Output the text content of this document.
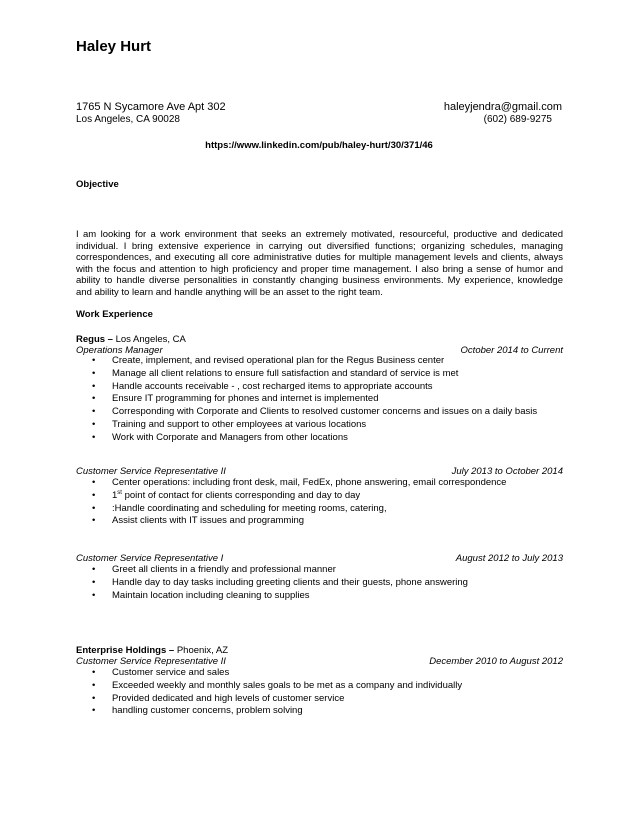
Haley Hurt
1765 N Sycamore Ave Apt 302	haleyjendra@gmail.com
Los Angeles, CA 90028	(602) 689-9275
https://www.linkedin.com/pub/haley-hurt/30/371/46
Objective
I am looking for a work environment that seeks an extremely motivated, resourceful, productive and dedicated individual. I bring extensive experience in carrying out diversified functions; organizing schedules, managing correspondences, and executing all core administrative duties for multiple management levels and clients, always with the focus and attention to high proficiency and proper time management. I also bring a sense of humor and ability to handle diverse personalities in constantly changing business environments. My experience, knowledge and ability to learn and handle anything will be an asset to the right team.
Work Experience
Regus – Los Angeles, CA
Operations Manager	October 2014 to Current
• Create, implement, and revised operational plan for the Regus Business center
• Manage all client relations to ensure full satisfaction and standard of service is met
• Handle accounts receivable - , cost recharged items to appropriate accounts
• Ensure IT programming for phones and internet is implemented
• Corresponding with Corporate and Clients to resolved customer concerns and issues on a daily basis
• Training and support to other employees at various locations
• Work with Corporate and Managers from other locations
Customer Service Representative II	July 2013 to October 2014
• Center operations: including front desk, mail, FedEx, phone answering, email correspondence
• 1st point of contact for clients corresponding and day to day
• :Handle coordinating and scheduling for meeting rooms, catering,
• Assist clients with IT issues and programming
Customer Service Representative I	August 2012 to July 2013
• Greet all clients in a friendly and professional manner
• Handle day to day tasks including greeting clients and their guests, phone answering
• Maintain location including cleaning to supplies
Enterprise Holdings – Phoenix, AZ
Customer Service Representative II	December 2010 to August 2012
• Customer service and sales
• Exceeded weekly and monthly sales goals to be met as a company and individually
• Provided dedicated and high levels of customer service
• handling customer concerns, problem solving
